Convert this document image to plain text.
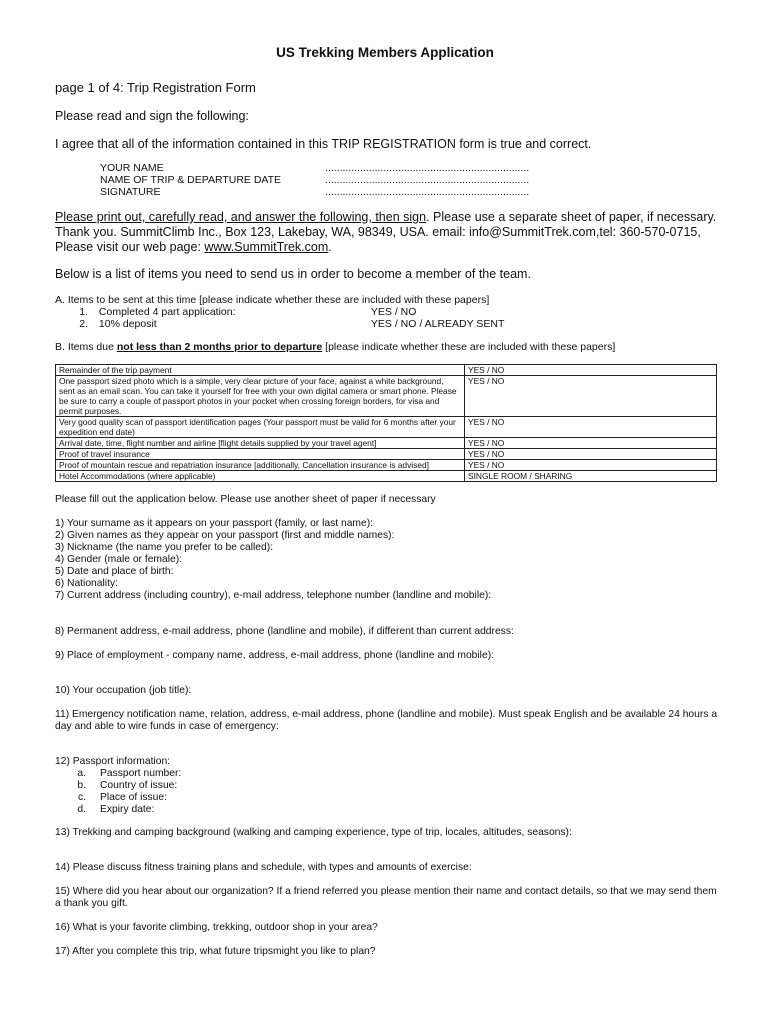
US Trekking Members Application
page 1 of 4: Trip Registration Form
Please read and sign the following:
I agree that all of the information contained in this TRIP REGISTRATION form is true and correct.
YOUR NAME	......................................................................
NAME OF TRIP & DEPARTURE DATE	......................................................................
SIGNATURE	......................................................................
Please print out, carefully read, and answer the following, then sign. Please use a separate sheet of paper, if necessary. Thank you. SummitClimb Inc., Box 123, Lakebay, WA, 98349, USA. email: info@SummitTrek.com,tel: 360-570-0715, Please visit our web page: www.SummitTrek.com.
Below is a list of items you need to send us in order to become a member of the team.
A. Items to be sent at this time [please indicate whether these are included with these papers]
1. Completed 4 part application:	YES / NO
2. 10% deposit	YES / NO / ALREADY SENT
B. Items due not less than 2 months prior to departure [please indicate whether these are included with these papers]
Remainder of the trip payment	YES / NO
One passport sized photo which is a simple, very clear picture of your face, against a white background, sent as an email scan. You can take it yourself for free with your own digital camera or smart phone. Please be sure to carry a couple of passport photos in your pocket when crossing foreign borders, for visa and permit purposes.	YES / NO
Very good quality scan of passport identification pages (Your passport must be valid for 6 months after your expedition end date)	YES / NO
Arrival date, time, flight number and airline [flight details supplied by your travel agent]	YES / NO
Proof of travel insurance	YES / NO
Proof of mountain rescue and repatriation insurance [additionally, Cancellation insurance is advised]	YES / NO
Hotel Accommodations (where applicable)	SINGLE ROOM / SHARING
Please fill out the application below. Please use another sheet of paper if necessary
1) Your surname as it appears on your passport (family, or last name):
2) Given names as they appear on your passport (first and middle names):
3) Nickname (the name you prefer to be called):
4) Gender (male or female):
5) Date and place of birth:
6) Nationality:
7) Current address (including country), e-mail address, telephone number (landline and mobile):
8) Permanent address, e-mail address, phone (landline and mobile), if different than current address:
9) Place of employment - company name, address, e-mail address, phone (landline and mobile):
10) Your occupation (job title):
11) Emergency notification name, relation, address, e-mail address, phone (landline and mobile). Must speak English and be available 24 hours a day and able to wire funds in case of emergency:
12) Passport information:
a.	Passport number:
b.	Country of issue:
c.	Place of issue:
d.	Expiry date:
13) Trekking and camping background (walking and camping experience, type of trip, locales, altitudes, seasons):
14) Please discuss fitness training plans and schedule, with types and amounts of exercise:
15) Where did you hear about our organization? If a friend referred you please mention their name and contact details, so that we may send them a thank you gift.
16) What is your favorite climbing, trekking, outdoor shop in your area?
17) After you complete this trip, what future tripsmight you like to plan?
